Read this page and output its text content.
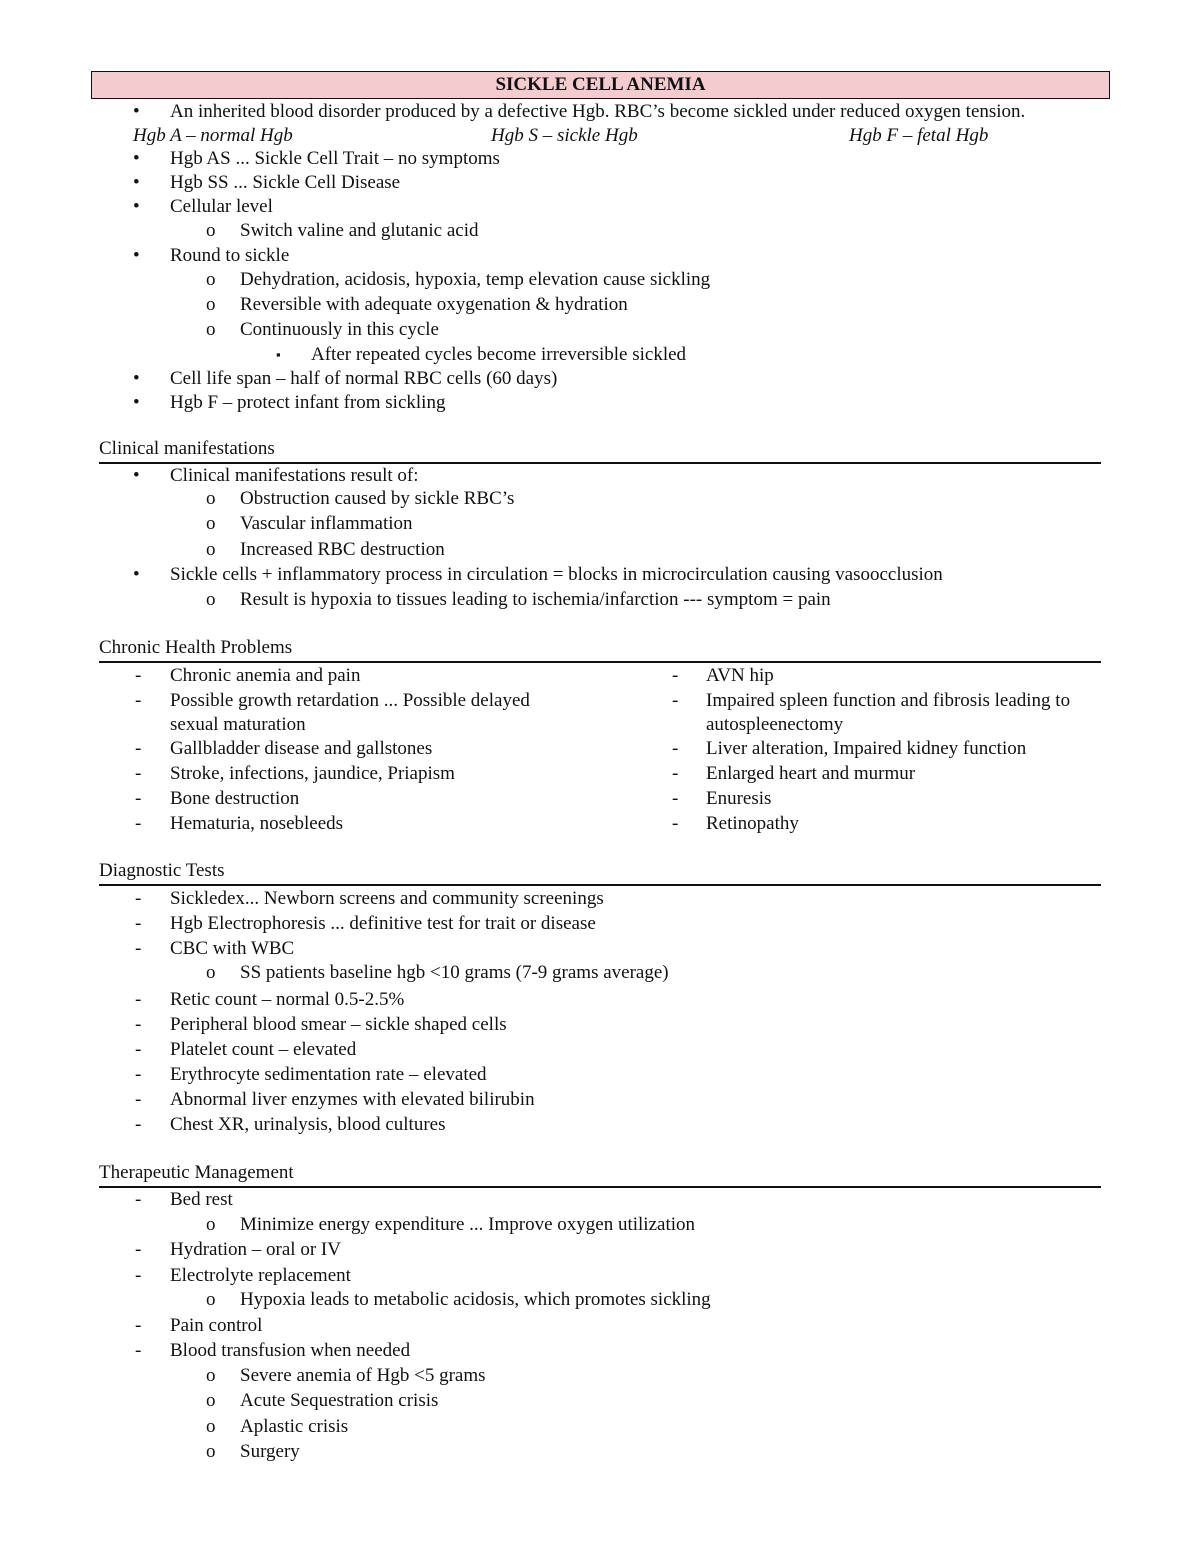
SICKLE CELL ANEMIA
• An inherited blood disorder produced by a defective Hgb. RBC’s become sickled under reduced oxygen tension.
Hgb A – normal Hgb	Hgb S – sickle Hgb	Hgb F – fetal Hgb
• Hgb AS ... Sickle Cell Trait – no symptoms
• Hgb SS ... Sickle Cell Disease
• Cellular level
o Switch valine and glutanic acid
• Round to sickle
o Dehydration, acidosis, hypoxia, temp elevation cause sickling
o Reversible with adequate oxygenation & hydration
o Continuously in this cycle
▪ After repeated cycles become irreversible sickled
• Cell life span – half of normal RBC cells (60 days)
• Hgb F – protect infant from sickling
Clinical manifestations
• Clinical manifestations result of:
o Obstruction caused by sickle RBC’s
o Vascular inflammation
o Increased RBC destruction
• Sickle cells + inflammatory process in circulation = blocks in microcirculation causing vasoocclusion
o Result is hypoxia to tissues leading to ischemia/infarction --- symptom = pain
Chronic Health Problems
- Chronic anemia and pain
- Possible growth retardation ... Possible delayed
sexual maturation
- Gallbladder disease and gallstones
- Stroke, infections, jaundice, Priapism
- Bone destruction
- Hematuria, nosebleeds
- AVN hip
- Impaired spleen function and fibrosis leading to
autospleenectomy
- Liver alteration, Impaired kidney function
- Enlarged heart and murmur
- Enuresis
- Retinopathy
Diagnostic Tests
- Sickledex... Newborn screens and community screenings
- Hgb Electrophoresis ... definitive test for trait or disease
- CBC with WBC
o SS patients baseline hgb <10 grams (7-9 grams average)
- Retic count – normal 0.5-2.5%
- Peripheral blood smear – sickle shaped cells
- Platelet count – elevated
- Erythrocyte sedimentation rate – elevated
- Abnormal liver enzymes with elevated bilirubin
- Chest XR, urinalysis, blood cultures
Therapeutic Management
- Bed rest
o Minimize energy expenditure ... Improve oxygen utilization
- Hydration – oral or IV
- Electrolyte replacement
o Hypoxia leads to metabolic acidosis, which promotes sickling
- Pain control
- Blood transfusion when needed
o Severe anemia of Hgb <5 grams
o Acute Sequestration crisis
o Aplastic crisis
o Surgery
